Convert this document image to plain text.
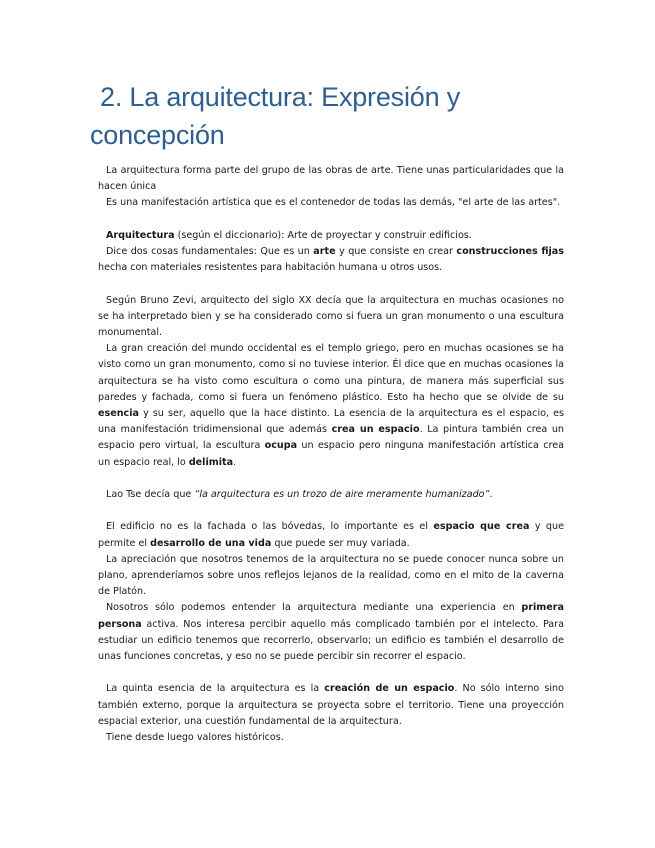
2. La arquitectura: Expresión y
concepción

La arquitectura forma parte del grupo de las obras de arte. Tiene unas particularidades que la hacen única

Es una manifestación artística que es el contenedor de todas las demás, "el arte de las artes".

Arquitectura (según el diccionario): Arte de proyectar y construir edificios.

Dice dos cosas fundamentales: Que es un arte y que consiste en crear construcciones fijas hecha con materiales resistentes para habitación humana u otros usos.

Según Bruno Zevi, arquitecto del siglo XX decía que la arquitectura en muchas ocasiones no se ha interpretado bien y se ha considerado como si fuera un gran monumento o una escultura monumental.

La gran creación del mundo occidental es el templo griego, pero en muchas ocasiones se ha visto como un gran monumento, como si no tuviese interior. Él dice que en muchas ocasiones la arquitectura se ha visto como escultura o como una pintura, de manera más superficial sus paredes y fachada, como si fuera un fenómeno plástico. Esto ha hecho que se olvide de su esencia y su ser, aquello que la hace distinto. La esencia de la arquitectura es el espacio, es una manifestación tridimensional que además crea un espacio. La pintura también crea un espacio pero virtual, la escultura ocupa un espacio pero ninguna manifestación artística crea un espacio real, lo delimita.

Lao Tse decía que “la arquitectura es un trozo de aire meramente humanizado”.

El edificio no es la fachada o las bóvedas, lo importante es el espacio que crea y que permite el desarrollo de una vida que puede ser muy variada.

La apreciación que nosotros tenemos de la arquitectura no se puede conocer nunca sobre un plano, aprenderíamos sobre unos reflejos lejanos de la realidad, como en el mito de la caverna de Platón.

Nosotros sólo podemos entender la arquitectura mediante una experiencia en primera persona activa. Nos interesa percibir aquello más complicado también por el intelecto. Para estudiar un edificio tenemos que recorrerlo, observarlo; un edificio es también el desarrollo de unas funciones concretas, y eso no se puede percibir sin recorrer el espacio.

La quinta esencia de la arquitectura es la creación de un espacio. No sólo interno sino también externo, porque la arquitectura se proyecta sobre el territorio. Tiene una proyección espacial exterior, una cuestión fundamental de la arquitectura.

Tiene desde luego valores históricos.
